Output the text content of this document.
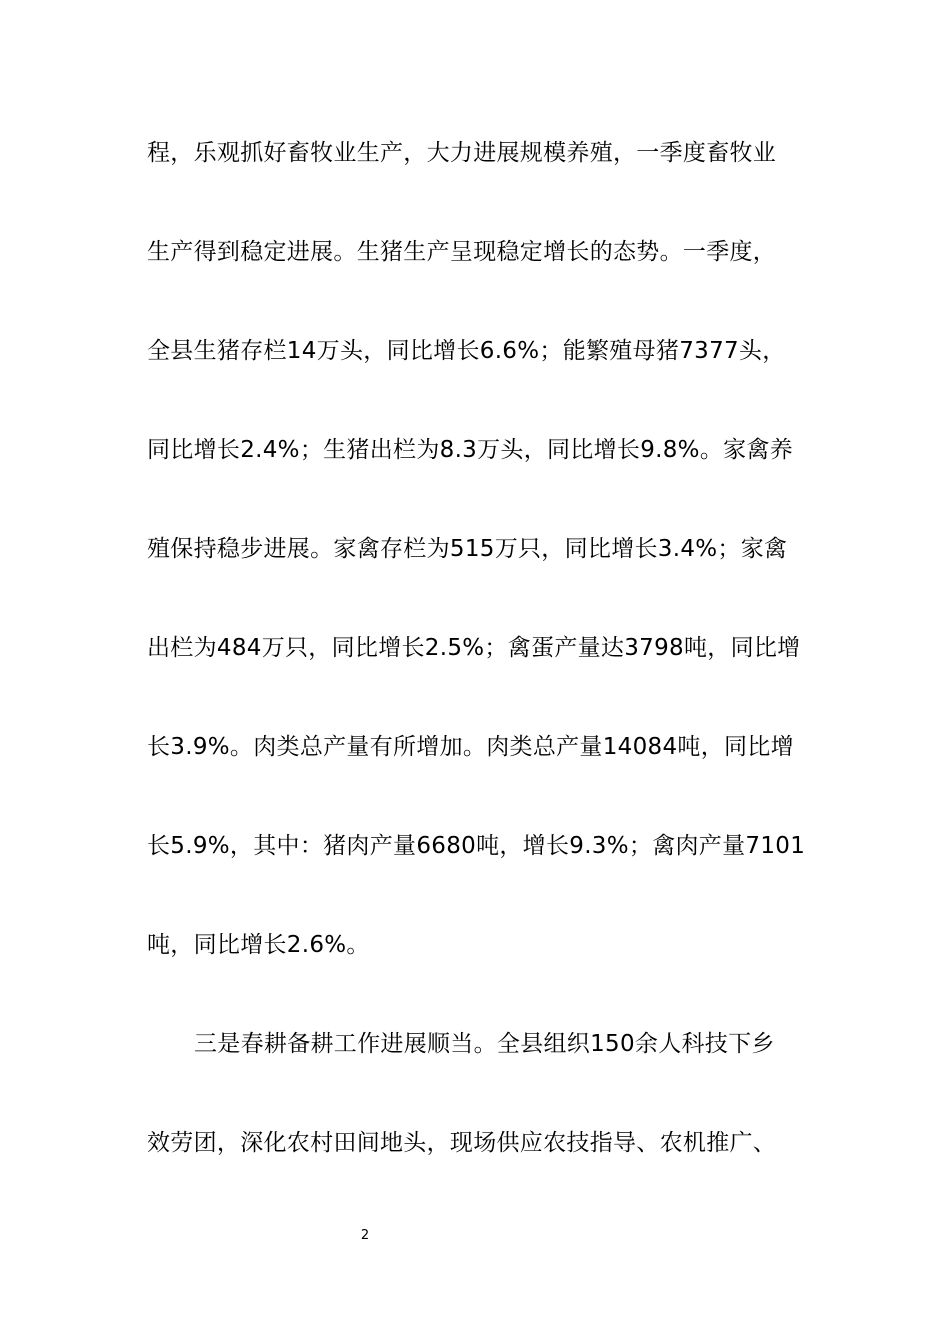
程，乐观抓好畜牧业生产，大力进展规模养殖，一季度畜牧业
生产得到稳定进展。生猪生产呈现稳定增长的态势。一季度，
全县生猪存栏14万头，同比增长6.6%；能繁殖母猪7377头，
同比增长2.4%；生猪出栏为8.3万头，同比增长9.8%。家禽养
殖保持稳步进展。家禽存栏为515万只，同比增长3.4%；家禽
出栏为484万只，同比增长2.5%；禽蛋产量达3798吨，同比增
长3.9%。肉类总产量有所增加。肉类总产量14084吨，同比增
长5.9%，其中：猪肉产量6680吨，增长9.3%；禽肉产量7101
吨，同比增长2.6%。
三是春耕备耕工作进展顺当。全县组织150余人科技下乡
效劳团，深化农村田间地头，现场供应农技指导、农机推广、
2
